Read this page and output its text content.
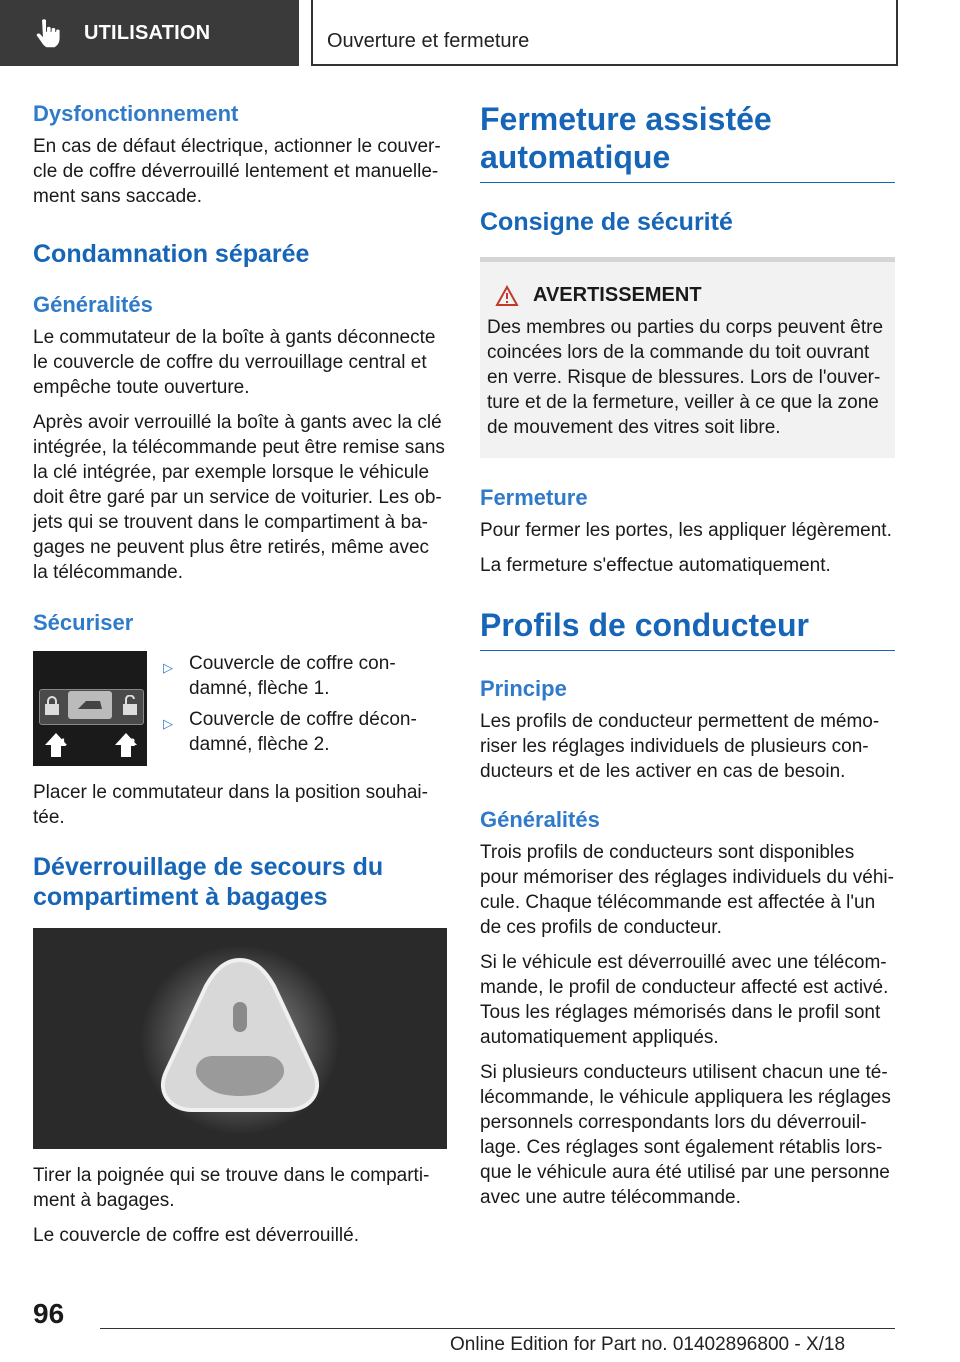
UTILISATION	Ouverture et fermeture
Dysfonctionnement

En cas de défaut électrique, actionner le couver-cle de coffre déverrouillé lentement et manuelle-ment sans saccade.

Condamnation séparée
Généralités

Le commutateur de la boîte à gants déconnecte le couvercle de coffre du verrouillage central et empêche toute ouverture.

Après avoir verrouillé la boîte à gants avec la clé intégrée, la télécommande peut être remise sans la clé intégrée, par exemple lorsque le véhicule doit être garé par un service de voiturier. Les ob-jets qui se trouvent dans le compartiment à ba-gages ne peuvent plus être retirés, même avec la télécommande.

Sécuriser
1	2
▷ Couvercle de coffre con-damné, flèche 1.
▷ Couvercle de coffre décon-damné, flèche 2.

Placer le commutateur dans la position souhai-tée.

Déverrouillage de secours du compartiment à bagages

Tirer la poignée qui se trouve dans le comparti-ment à bagages.

Le couvercle de coffre est déverrouillé.

Fermeture assistée automatique
Consigne de sécurité
AVERTISSEMENT

Des membres ou parties du corps peuvent être coincées lors de la commande du toit ouvrant en verre. Risque de blessures. Lors de l'ouver-ture et de la fermeture, veiller à ce que la zone de mouvement des vitres soit libre.

Fermeture

Pour fermer les portes, les appliquer légèrement.

La fermeture s'effectue automatiquement.

Profils de conducteur
Principe

Les profils de conducteur permettent de mémo-riser les réglages individuels de plusieurs con-ducteurs et de les activer en cas de besoin.

Généralités

Trois profils de conducteurs sont disponibles pour mémoriser des réglages individuels du véhi-cule. Chaque télécommande est affectée à l'un de ces profils de conducteur.

Si le véhicule est déverrouillé avec une télécom-mande, le profil de conducteur affecté est activé. Tous les réglages mémorisés dans le profil sont automatiquement appliqués.

Si plusieurs conducteurs utilisent chacun une té-lécommande, le véhicule appliquera les réglages personnels correspondants lors du déverrouil-lage. Ces réglages sont également rétablis lors-que le véhicule aura été utilisé par une personne avec une autre télécommande.

96
Online Edition for Part no. 01402896800 - X/18
